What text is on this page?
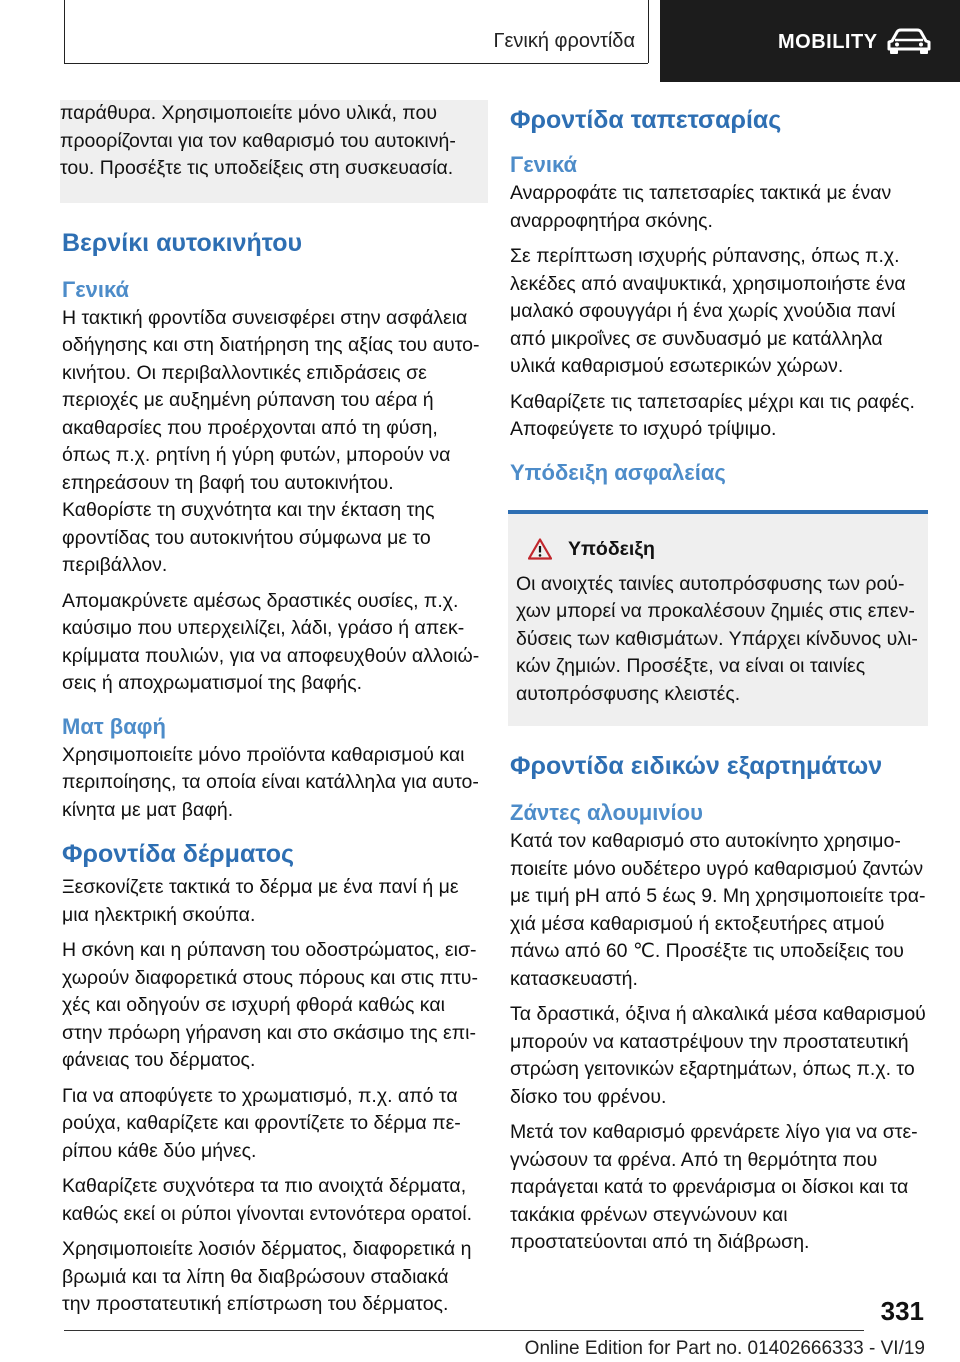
Γενική φροντίδα	MOBILITY

παράθυρα. Χρησιμοποιείτε μόνο υλικά, που προορίζονται για τον καθαρισμό του αυτοκινήτου. Προσέξτε τις υποδείξεις στη συσκευασία.

Βερνίκι αυτοκινήτου
Γενικά

Η τακτική φροντίδα συνεισφέρει στην ασφάλεια οδήγησης και στη διατήρηση της αξίας του αυτοκινήτου. Οι περιβαλλοντικές επιδράσεις σε περιοχές με αυξημένη ρύπανση του αέρα ή ακαθαρσίες που προέρχονται από τη φύση, όπως π.χ. ρητίνη ή γύρη φυτών, μπορούν να επηρεάσουν τη βαφή του αυτοκινήτου. Καθορίστε τη συχνότητα και την έκταση της φροντίδας του αυτοκινήτου σύμφωνα με το περιβάλλον.

Απομακρύνετε αμέσως δραστικές ουσίες, π.χ. καύσιμο που υπερχειλίζει, λάδι, γράσο ή απεκκρίμματα πουλιών, για να αποφευχθούν αλλοιώσεις ή αποχρωματισμοί της βαφής.

Ματ βαφή

Χρησιμοποιείτε μόνο προϊόντα καθαρισμού και περιποίησης, τα οποία είναι κατάλληλα για αυτοκίνητα με ματ βαφή.

Φροντίδα δέρματος

Ξεσκονίζετε τακτικά το δέρμα με ένα πανί ή με μια ηλεκτρική σκούπα.

Η σκόνη και η ρύπανση του οδοστρώματος, εισχωρούν διαφορετικά στους πόρους και στις πτυχές και οδηγούν σε ισχυρή φθορά καθώς και στην πρόωρη γήρανση και στο σκάσιμο της επιφάνειας του δέρματος.

Για να αποφύγετε το χρωματισμό, π.χ. από τα ρούχα, καθαρίζετε και φροντίζετε το δέρμα περίπου κάθε δύο μήνες.

Καθαρίζετε συχνότερα τα πιο ανοιχτά δέρματα, καθώς εκεί οι ρύποι γίνονται εντονότερα ορατοί.

Χρησιμοποιείτε λοσιόν δέρματος, διαφορετικά η βρωμιά και τα λίπη θα διαβρώσουν σταδιακά την προστατευτική επίστρωση του δέρματος.

Φροντίδα ταπετσαρίας
Γενικά

Αναρροφάτε τις ταπετσαρίες τακτικά με έναν αναρροφητήρα σκόνης.

Σε περίπτωση ισχυρής ρύπανσης, όπως π.χ. λεκέδες από αναψυκτικά, χρησιμοποιήστε ένα μαλακό σφουγγάρι ή ένα χωρίς χνούδια πανί από μικροΐνες σε συνδυασμό με κατάλληλα υλικά καθαρισμού εσωτερικών χώρων.

Καθαρίζετε τις ταπετσαρίες μέχρι και τις ραφές. Αποφεύγετε το ισχυρό τρίψιμο.

Υπόδειξη ασφαλείας
Υπόδειξη

Οι ανοιχτές ταινίες αυτοπρόσφυσης των ρούχων μπορεί να προκαλέσουν ζημιές στις επενδύσεις των καθισμάτων. Υπάρχει κίνδυνος υλικών ζημιών. Προσέξτε, να είναι οι ταινίες αυτοπρόσφυσης κλειστές.

Φροντίδα ειδικών εξαρτημάτων
Ζάντες αλουμινίου

Κατά τον καθαρισμό στο αυτοκίνητο χρησιμοποιείτε μόνο ουδέτερο υγρό καθαρισμού ζαντών με τιμή pH από 5 έως 9. Μη χρησιμοποιείτε τραχιά μέσα καθαρισμού ή εκτοξευτήρες ατμού πάνω από 60 ℃. Προσέξτε τις υποδείξεις του κατασκευαστή.

Τα δραστικά, όξινα ή αλκαλικά μέσα καθαρισμού μπορούν να καταστρέψουν την προστατευτική στρώση γειτονικών εξαρτημάτων, όπως π.χ. το δίσκο του φρένου.

Μετά τον καθαρισμό φρενάρετε λίγο για να στεγνώσουν τα φρένα. Από τη θερμότητα που παράγεται κατά το φρενάρισμα οι δίσκοι και τα τακάκια φρένων στεγνώνουν και προστατεύονται από τη διάβρωση.

331
Online Edition for Part no. 01402666333 - VI/19
